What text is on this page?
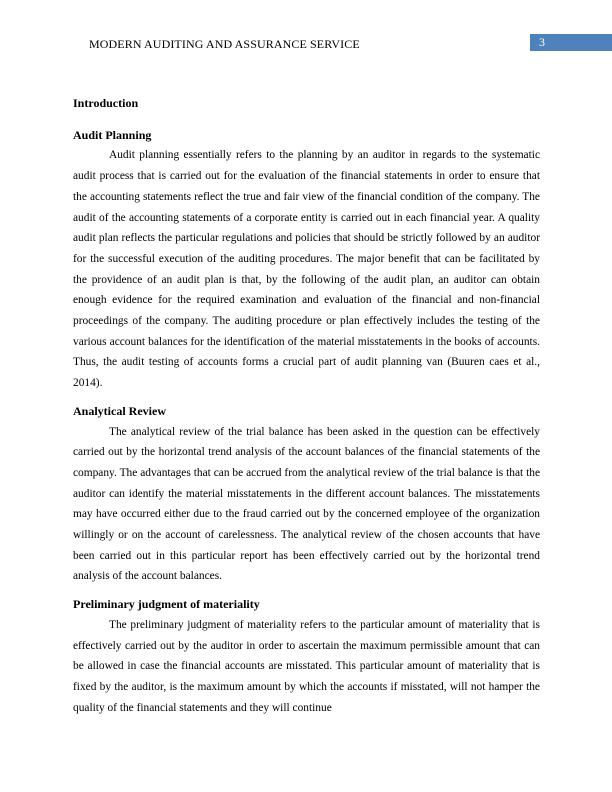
MODERN AUDITING AND ASSURANCE SERVICE	3
Introduction
Audit Planning

Audit planning essentially refers to the planning by an auditor in regards to the systematic audit process that is carried out for the evaluation of the financial statements in order to ensure that the accounting statements reflect the true and fair view of the financial condition of the company. The audit of the accounting statements of a corporate entity is carried out in each financial year. A quality audit plan reflects the particular regulations and policies that should be strictly followed by an auditor for the successful execution of the auditing procedures. The major benefit that can be facilitated by the providence of an audit plan is that, by the following of the audit plan, an auditor can obtain enough evidence for the required examination and evaluation of the financial and non-financial proceedings of the company. The auditing procedure or plan effectively includes the testing of the various account balances for the identification of the material misstatements in the books of accounts. Thus, the audit testing of accounts forms a crucial part of audit planning van (Buuren caes et al., 2014).

Analytical Review

The analytical review of the trial balance has been asked in the question can be effectively carried out by the horizontal trend analysis of the account balances of the financial statements of the company. The advantages that can be accrued from the analytical review of the trial balance is that the auditor can identify the material misstatements in the different account balances. The misstatements may have occurred either due to the fraud carried out by the concerned employee of the organization willingly or on the account of carelessness. The analytical review of the chosen accounts that have been carried out in this particular report has been effectively carried out by the horizontal trend analysis of the account balances.

Preliminary judgment of materiality

The preliminary judgment of materiality refers to the particular amount of materiality that is effectively carried out by the auditor in order to ascertain the maximum permissible amount that can be allowed in case the financial accounts are misstated. This particular amount of materiality that is fixed by the auditor, is the maximum amount by which the accounts if misstated, will not hamper the quality of the financial statements and they will continue
